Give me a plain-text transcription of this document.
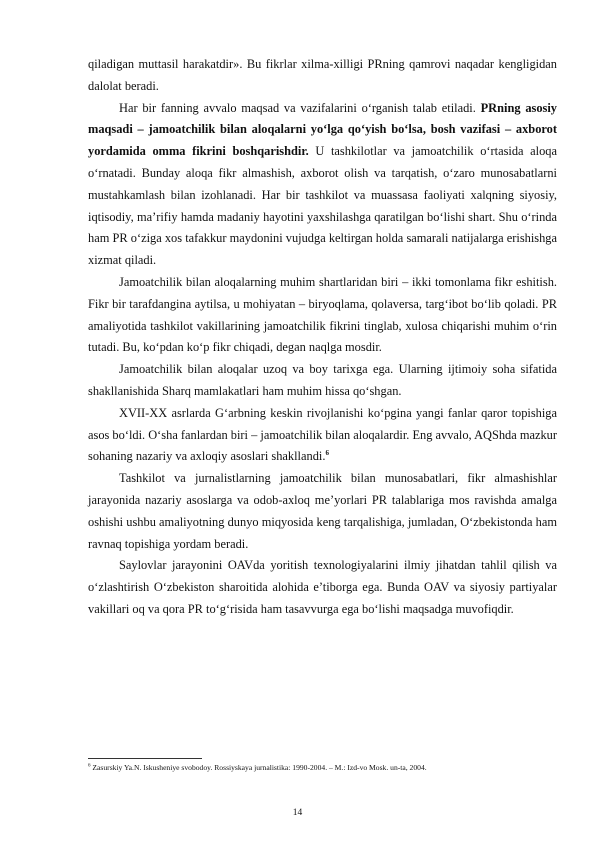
qiladigan muttasil harakatdir». Bu fikrlar xilma-xilligi PRning qamrovi naqadar kengligidan dalolat beradi.

Har bir fanning avvalo maqsad va vazifalarini o‘rganish talab etiladi. PRning asosiy maqsadi – jamoatchilik bilan aloqalarni yo‘lga qo‘yish bo‘lsa, bosh vazifasi – axborot yordamida omma fikrini boshqarishdir. U tashkilotlar va jamoatchilik o‘rtasida aloqa o‘rnatadi. Bunday aloqa fikr almashish, axborot olish va tarqatish, o‘zaro munosabatlarni mustahkamlash bilan izohlanadi. Har bir tashkilot va muassasa faoliyati xalqning siyosiy, iqtisodiy, ma’rifiy hamda madaniy hayotini yaxshilashga qaratilgan bo‘lishi shart. Shu o‘rinda ham PR o‘ziga xos tafakkur maydonini vujudga keltirgan holda samarali natijalarga erishishga xizmat qiladi.

Jamoatchilik bilan aloqalarning muhim shartlaridan biri – ikki tomonlama fikr eshitish. Fikr bir tarafdangina aytilsa, u mohiyatan – biryoqlama, qolaversa, targ‘ibot bo‘lib qoladi. PR amaliyotida tashkilot vakillarining jamoatchilik fikrini tinglab, xulosa chiqarishi muhim o‘rin tutadi. Bu, ko‘pdan ko‘p fikr chiqadi, degan naqlga mosdir.

Jamoatchilik bilan aloqalar uzoq va boy tarixga ega. Ularning ijtimoiy soha sifatida shakllanishida Sharq mamlakatlari ham muhim hissa qo‘shgan.

XVII-XX asrlarda G‘arbning keskin rivojlanishi ko‘pgina yangi fanlar qaror topishiga asos bo‘ldi. O‘sha fanlardan biri – jamoatchilik bilan aloqalardir. Eng avvalo, AQShda mazkur sohaning nazariy va axloqiy asoslari shakllandi.$^6$

Tashkilot va jurnalistlarning jamoatchilik bilan munosabatlari, fikr almashishlar jarayonida nazariy asoslarga va odob-axloq me’yorlari PR talablariga mos ravishda amalga oshishi ushbu amaliyotning dunyo miqyosida keng tarqalishiga, jumladan, O‘zbekistonda ham ravnaq topishiga yordam beradi.

Saylovlar jarayonini OAVda yoritish texnologiyalarini ilmiy jihatdan tahlil qilish va o‘zlashtirish O‘zbekiston sharoitida alohida e’tiborga ega. Bunda OAV va siyosiy partiyalar vakillari oq va qora PR to‘g‘risida ham tasavvurga ega bo‘lishi maqsadga muvofiqdir.

$^6$ Zasurskiy Ya.N. Iskusheniye svobodoy. Rossiyskaya jurnalistika: 1990-2004. – M.: Izd-vo Mosk. un-ta, 2004.
14
